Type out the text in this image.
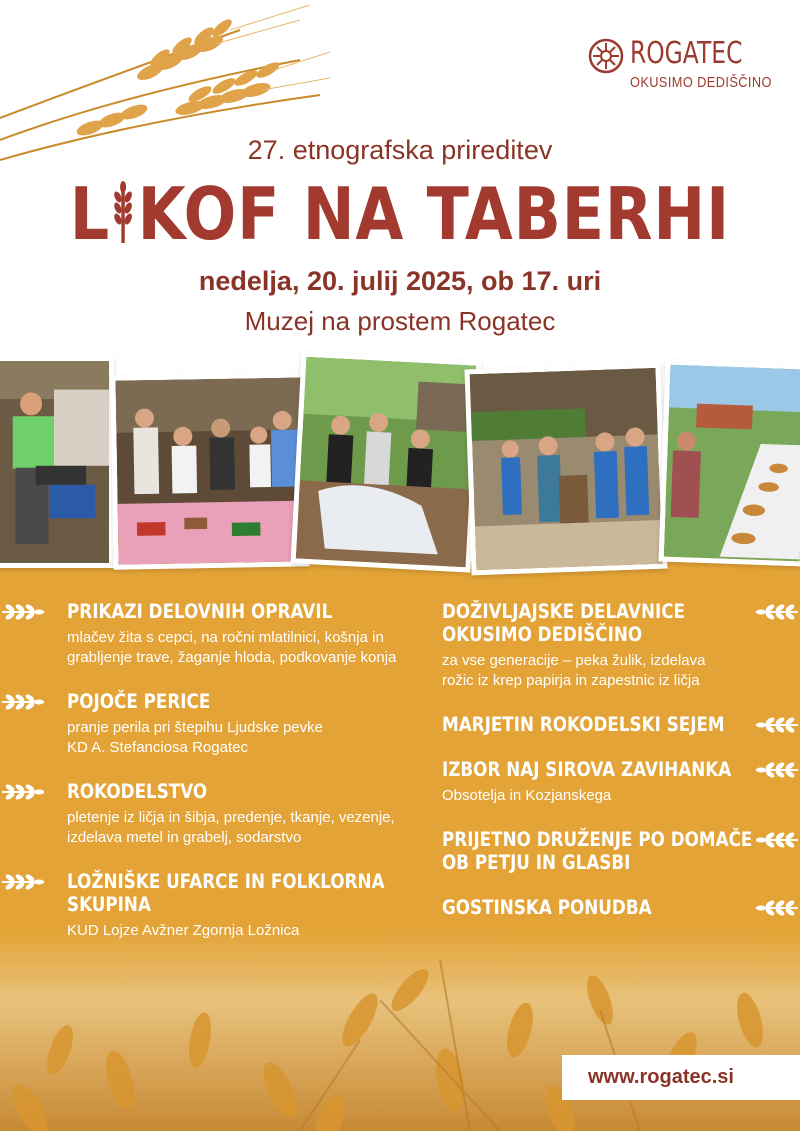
ROGATEC
OKUSIMO DEDIŠČINO
27. etnografska prireditev
L KOF NA TABERHI
nedelja, 20. julij 2025, ob 17. uri
Muzej na prostem Rogatec
PRIKAZI DELOVNIH OPRAVIL
mlačev žita s cepci, na ročni mlatilnici, košnja in
grabljenje trave, žaganje hloda, podkovanje konja
POJOČE PERICE
pranje perila pri štepihu Ljudske pevke
KD A. Stefanciosa Rogatec
ROKODELSTVO
pletenje iz ličja in šibja, predenje, tkanje, vezenje,
izdelava metel in grabelj, sodarstvo
LOŽNIŠKE UFARCE IN FOLKLORNA
SKUPINA
KUD Lojze Avžner Zgornja Ložnica
DOŽIVLJAJSKE DELAVNICE
OKUSIMO DEDIŠČINO
za vse generacije – peka žulik, izdelava
rožic iz krep papirja in zapestnic iz ličja
MARJETIN ROKODELSKI SEJEM
IZBOR NAJ SIROVA ZAVIHANKA
Obsotelja in Kozjanskega
PRIJETNO DRUŽENJE PO DOMAČE
OB PETJU IN GLASBI
GOSTINSKA PONUDBA
www.rogatec.si
